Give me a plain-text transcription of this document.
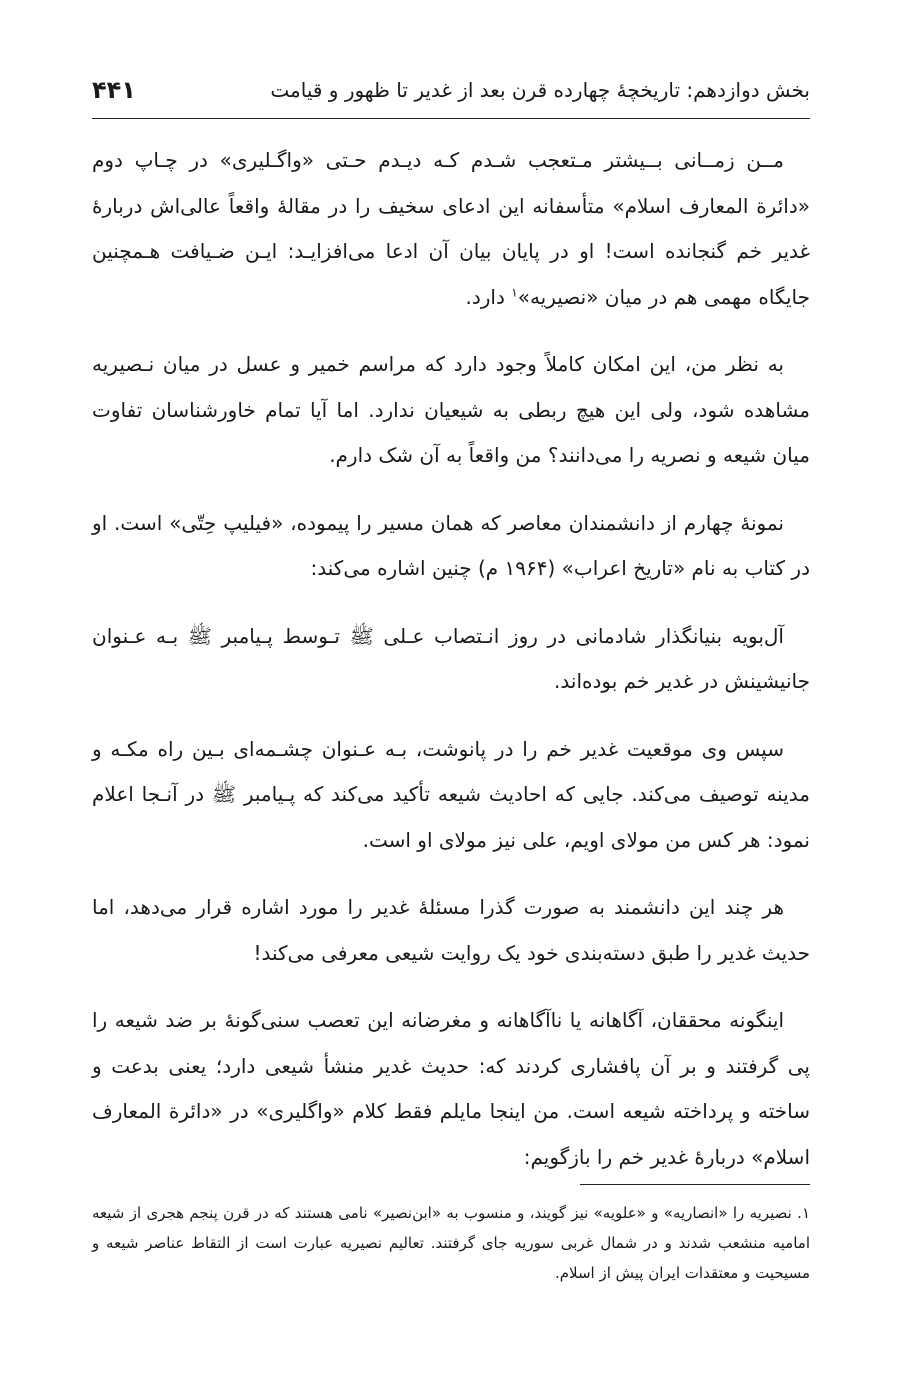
بخش دوازدهم: تاریخچۀ چهارده قرن بعد از غدیر تا ظهور و قیامت
۴۴۱

مــن زمــانی بــیشتر مـتعجب شـدم کـه دیـدم حـتی «واگـلیری» در چـاپ دوم «دائرة المعارف اسلام» متأسفانه این ادعای سخیف را در مقالۀ واقعاً عالی‌اش دربارۀ غدیر خم گنجانده است! او در پایان بیان آن ادعا می‌افزایـد: ایـن ضـیافت هـمچنین جایگاه مهمی هم در میان «نصیریه»$^۱$ دارد.

به نظر من، این امکان کاملاً وجود دارد که مراسم خمیر و عسل در میان نـصیریه مشاهده شود، ولی این هیچ ربطی به شیعیان ندارد. اما آیا تمام خاورشناسان تفاوت میان شیعه و نصریه را می‌دانند؟ من واقعاً به آن شک دارم.

نمونۀ چهارم از دانشمندان معاصر که همان مسیر را پیموده، «فیلیپ حِتّی» است. او در کتاب به نام «تاریخ اعراب» (۱۹۶۴ م) چنین اشاره می‌کند:

آل‌بویه بنیانگذار شادمانی در روز انـتصاب عـلی ﷺ تـوسط پـیامبر ﷺ بـه عـنوان جانیشینش در غدیر خم بوده‌اند.

سپس وی موقعیت غدیر خم را در پانوشت، بـه عـنوان چشـمه‌ای بـین راه مکـه و مدینه توصیف می‌کند. جایی که احادیث شیعه تأکید می‌کند که پـیامبر ﷺ در آنـجا اعلام نمود: هر کس من مولای اویم، علی نیز مولای او است.

هر چند این دانشمند به صورت گذرا مسئلۀ غدیر را مورد اشاره قرار می‌دهد، اما حدیث غدیر را طبق دسته‌بندی خود یک روایت شیعی معرفی می‌کند!

اینگونه محققان، آگاهانه یا ناآگاهانه و مغرضانه این تعصب سنی‌گونۀ بر ضد شیعه را پی گرفتند و بر آن پافشاری کردند که: حدیث غدیر منشأ شیعی دارد؛ یعنی بدعت و ساخته و پرداخته شیعه است. من اینجا مایلم فقط کلام «واگلیری» در «دائرة المعارف اسلام» دربارۀ غدیر خم را بازگویم:

۱. نصیریه را «انصاریه» و «علویه» نیز گویند، و منسوب به «ابن‌نصیر» نامی هستند که در قرن پنجم هجری از شیعه امامیه منشعب شدند و در شمال غربی سوریه جای گرفتند. تعالیم نصیریه عبارت است از التقاط عناصر شیعه و مسیحیت و معتقدات ایران پیش از اسلام.
